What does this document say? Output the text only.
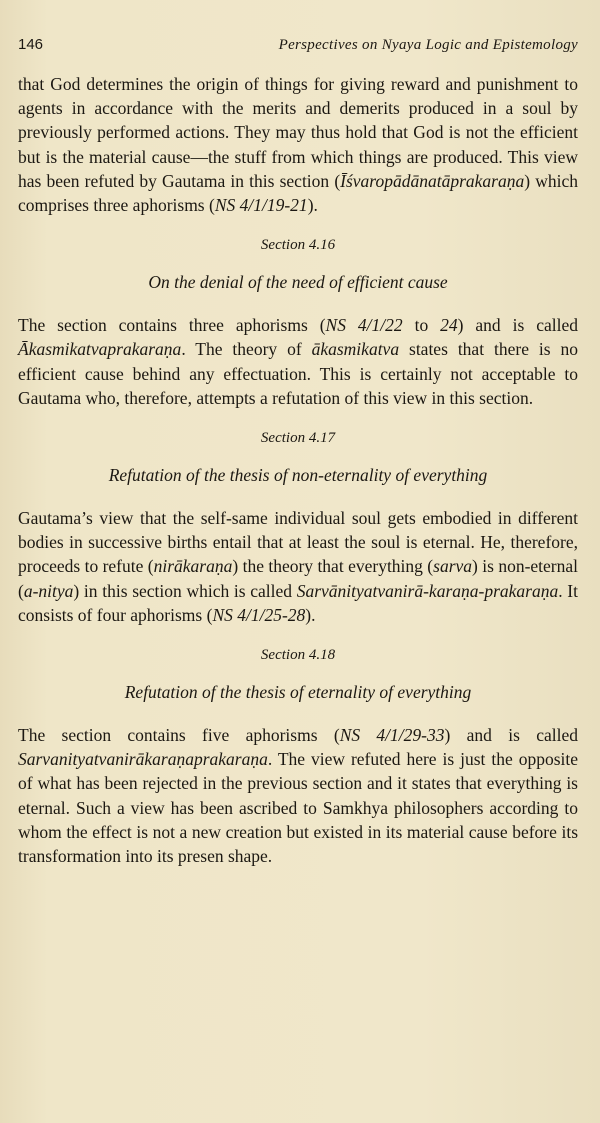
146	Perspectives on Nyaya Logic and Epistemology

that God determines the origin of things for giving reward and punishment to agents in accordance with the merits and demerits produced in a soul by previously performed actions. They may thus hold that God is not the efficient but is the material cause—the stuff from which things are produced. This view has been refuted by Gautama in this section (Īśvaropādānatāprakaraṇa) which comprises three aphorisms (NS 4/1/19-21).

Section 4.16
On the denial of the need of efficient cause

The section contains three aphorisms (NS 4/1/22 to 24) and is called Ākasmikatvaprakaraṇa. The theory of ākasmikatva states that there is no efficient cause behind any effectuation. This is certainly not acceptable to Gautama who, therefore, attempts a refutation of this view in this section.

Section 4.17
Refutation of the thesis of non-eternality of everything

Gautama’s view that the self-same individual soul gets embodied in different bodies in successive births entail that at least the soul is eternal. He, therefore, proceeds to refute (nirākaraṇa) the theory that everything (sarva) is non-eternal (a-nitya) in this section which is called Sarvānityatvanirā-karaṇa-prakaraṇa. It consists of four aphorisms (NS 4/1/25-28).

Section 4.18
Refutation of the thesis of eternality of everything

The section contains five aphorisms (NS 4/1/29-33) and is called Sarvanityatvanirākaraṇaprakaraṇa. The view refuted here is just the opposite of what has been rejected in the previous section and it states that everything is eternal. Such a view has been ascribed to Samkhya philosophers according to whom the effect is not a new creation but existed in its material cause before its transformation into its presen shape.
